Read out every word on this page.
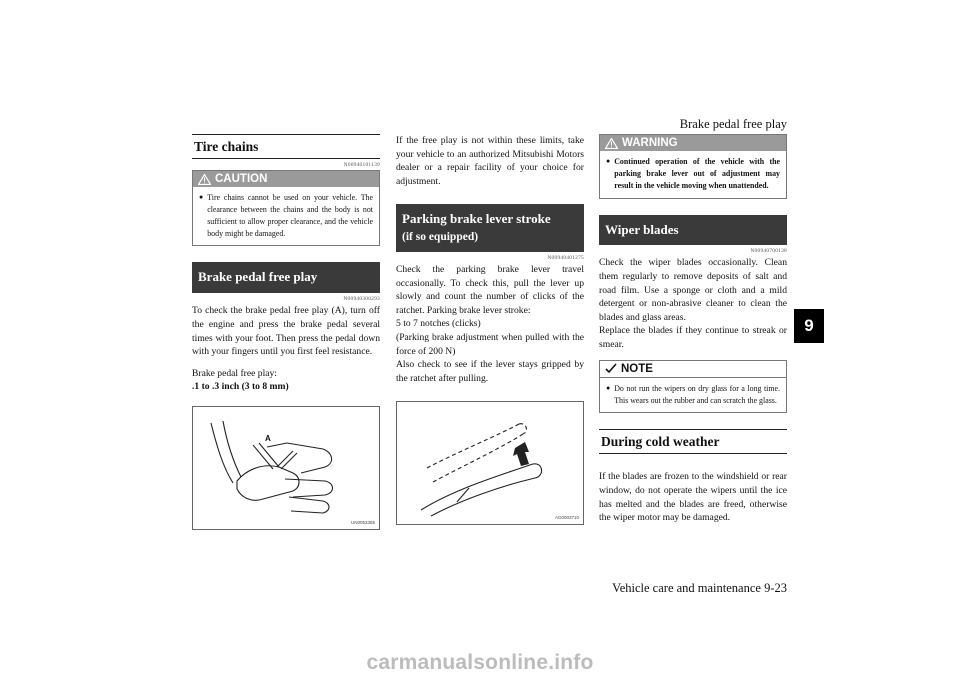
Brake pedal free play
9
Tire chains
N00940101139
CAUTION
● Tire chains cannot be used on your vehicle. The clearance between the chains and the body is not sufficient to allow proper clearance, and the vehicle body might be damaged.
Brake pedal free play
N00940300293

To check the brake pedal free play (A), turn off the engine and press the brake pedal several times with your foot. Then press the pedal down with your fingers until you first feel resistance.

Brake pedal free play:

.1 to .3 inch (3 to 8 mm)

A
UN0053355

If the free play is not within these limits, take your vehicle to an authorized Mitsubishi Motors dealer or a repair facility of your choice for adjustment.

Parking brake lever stroke
(if so equipped)
N00940401275

Check the parking brake lever travel occasionally. To check this, pull the lever up slowly and count the number of clicks of the ratchet. Parking brake lever stroke:

5 to 7 notches (clicks)

(Parking brake adjustment when pulled with the force of 200 N)

Also check to see if the lever stays gripped by the ratchet after pulling.

AG0003710
WARNING
● Continued operation of the vehicle with the parking brake lever out of adjustment may result in the vehicle moving when unattended.
Wiper blades
N00940700138

Check the wiper blades occasionally. Clean them regularly to remove deposits of salt and road film. Use a sponge or cloth and a mild detergent or non-abrasive cleaner to clean the blades and glass areas.

Replace the blades if they continue to streak or smear.

NOTE
● Do not run the wipers on dry glass for a long time. This wears out the rubber and can scratch the glass.
During cold weather

If the blades are frozen to the windshield or rear window, do not operate the wipers until the ice has melted and the blades are freed, otherwise the wiper motor may be damaged.

Vehicle care and maintenance 9-23
carmanualsonline.info
